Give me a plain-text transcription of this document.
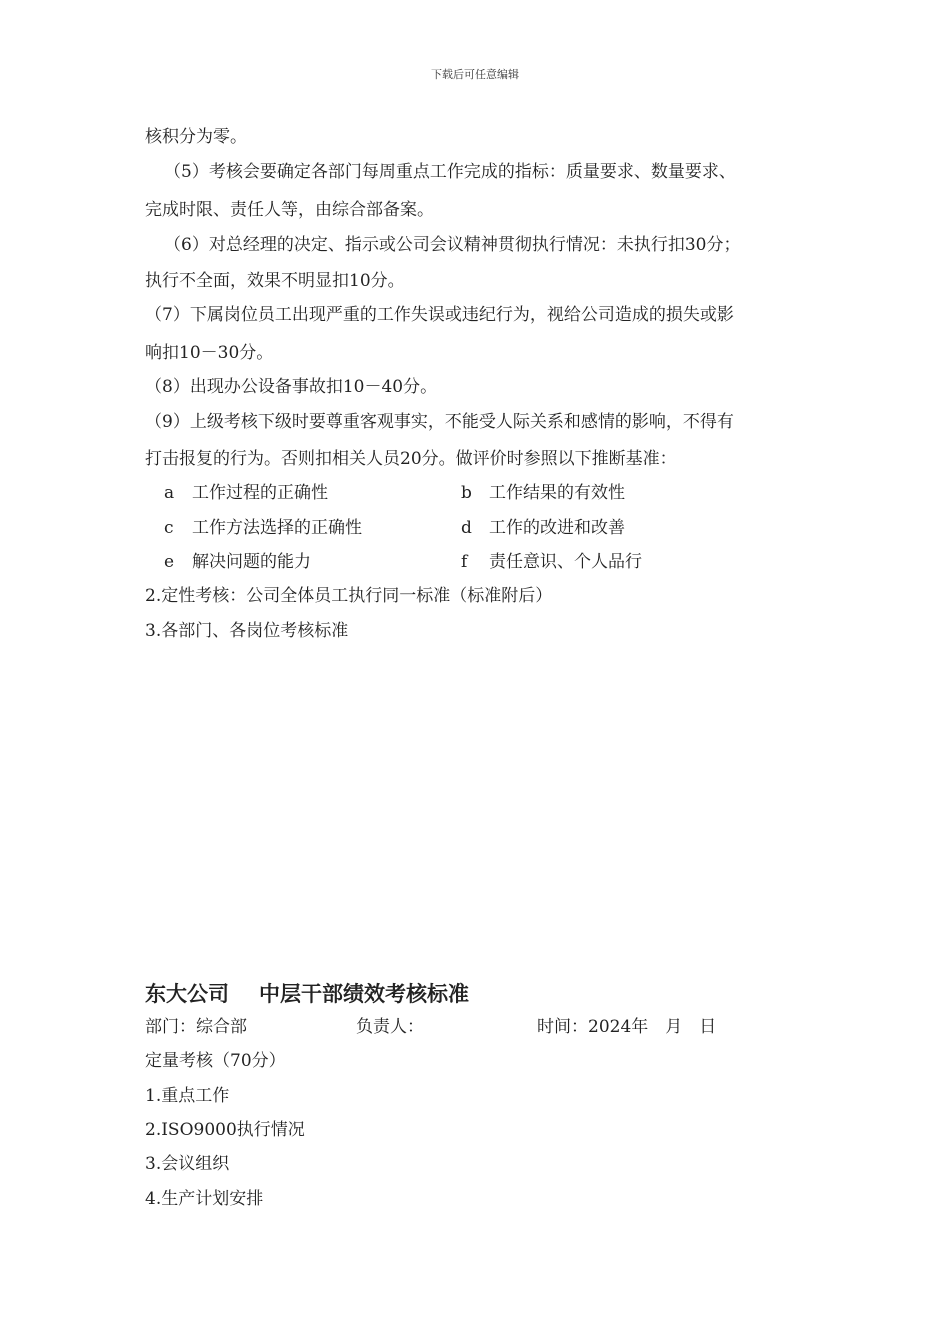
下载后可任意编辑
核积分为零。
（5）考核会要确定各部门每周重点工作完成的指标：质量要求、数量要求、
完成时限、责任人等，由综合部备案。
（6）对总经理的决定、指示或公司会议精神贯彻执行情况：未执行扣30分；
执行不全面，效果不明显扣10分。
（7）下属岗位员工出现严重的工作失误或违纪行为，视给公司造成的损失或影
响扣10－30分。
（8）出现办公设备事故扣10－40分。
（9）上级考核下级时要尊重客观事实，不能受人际关系和感情的影响，不得有
打击报复的行为。否则扣相关人员20分。做评价时参照以下推断基准：
a 工作过程的正确性	b 工作结果的有效性
c 工作方法选择的正确性	d 工作的改进和改善
e 解决问题的能力	f 责任意识、个人品行
2.定性考核：公司全体员工执行同一标准（标准附后）
3.各部门、各岗位考核标准
东大公司 中层干部绩效考核标准
部门：综合部	负责人：	时间：2024年　月　日
定量考核（70分）
1.重点工作
2.ISO9000执行情况
3.会议组织
4.生产计划安排
